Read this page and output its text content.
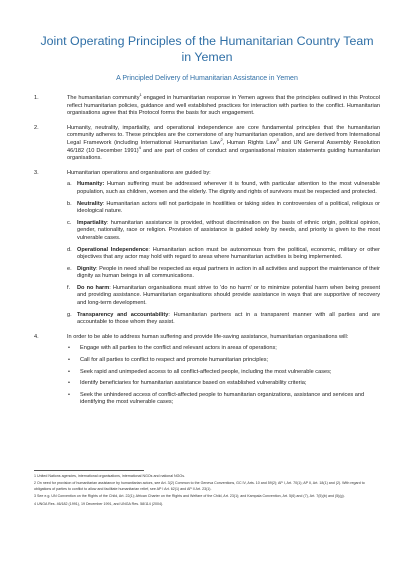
Joint Operating Principles of the Humanitarian Country Team in Yemen
A Principled Delivery of Humanitarian Assistance in Yemen
1.	The humanitarian community$^1$ engaged in humanitarian response in Yemen agrees that the principles outlined in this Protocol reflect humanitarian policies, guidance and well established practices for interaction with parties to the conflict. Humanitarian organisations agree that this Protocol forms the basis for such engagement.

2.	Humanity, neutrality, impartiality, and operational independence are core fundamental principles that the humanitarian community adheres to. These principles are the cornerstone of any humanitarian operation, and are derived from International Legal Framework (including International Humanitarian Law$^2$, Human Rights Law$^3$ and UN General Assembly Resolution 46/182 (10 December 1991)$^4$ and are part of codes of conduct and organisational mission statements guiding humanitarian organisations.

3.	Humanitarian operations and organisations are guided by:

a. Humanity: Human suffering must be addressed wherever it is found, with particular attention to the most vulnerable population, such as children, women and the elderly. The dignity and rights of survivors must be respected and protected.

b. Neutrality: Humanitarian actors will not participate in hostilities or taking sides in controversies of a political, religious or ideological nature.

c.	Impartiality: humanitarian assistance is provided, without discrimination on the basis of ethnic origin, political opinion, gender, nationality, race or religion. Provision of assistance is guided solely by needs, and priority is given to the most vulnerable cases.

d. Operational Independence: Humanitarian action must be autonomous from the political, economic, military or other objectives that any actor may hold with regard to areas where humanitarian activities is being implemented.

e. Dignity: People in need shall be respected as equal partners in action in all activities and support the maintenance of their dignity as human beings in all communications.

f.	Do no harm: Humanitarian organisations must strive to 'do no harm' or to minimize potential harm when being present and providing assistance. Humanitarian organisations should provide assistance in ways that are supportive of recovery and long-term development.

g. Transparency and accountability: Humanitarian partners act in a transparent manner with all parties and are accountable to those whom they assist.

4.	In order to be able to address human suffering and provide life-saving assistance, humanitarian organisations will:

•	Engage with all parties to the conflict and relevant actors in areas of operations;

•	Call for all parties to conflict to respect and promote humanitarian principles;

•	Seek rapid and unimpeded access to all conflict-affected people, including the most vulnerable cases;

•	Identify beneficiaries for humanitarian assistance based on established vulnerability criteria;

•	Seek the unhindered access of conflict-affected people to humanitarian organizations, assistance and services and identifying the most vulnerable cases;

1 United Nations agencies, international organisations, international NGOs and national NGOs.

2 On need for provision of humanitarian assistance by humanitarian actors, see Art. 3(2) Common to the Geneva Conventions, GC IV, Arts. 10 and 59(2); AP I, Art. 70(1); AP II, Art. 18(1) and (2). With regard to obligations of parties to conflict to allow and facilitate humanitarian relief, see AP I Art. 62(1) and AP II Art. 23(1).

3 See e.g. UN Convention on the Rights of the Child, Art. 22(1); African Charter on the Rights and Welfare of the Child, Art. 23(1); and Kampala Convention, Art. 5(6) and (7), Art. 7(5)(b) and (5)(g).

4 UNGA Res. 46/182 (1991), 19 December 1991, and UNGA Res. 58/114 (2004).
